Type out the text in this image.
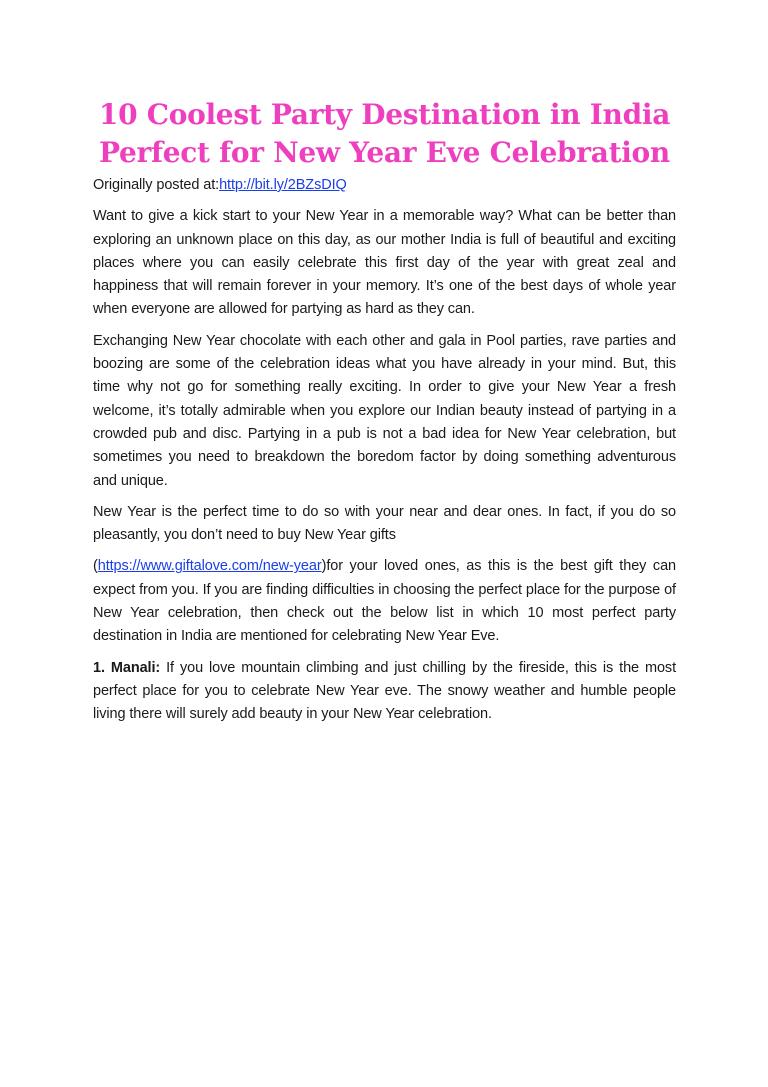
10 Coolest Party Destination in India Perfect for New Year Eve Celebration

Originally posted at:http://bit.ly/2BZsDIQ

Want to give a kick start to your New Year in a memorable way? What can be better than exploring an unknown place on this day, as our mother India is full of beautiful and exciting places where you can easily celebrate this first day of the year with great zeal and happiness that will remain forever in your memory. It’s one of the best days of whole year when everyone are allowed for partying as hard as they can.

Exchanging New Year chocolate with each other and gala in Pool parties, rave parties and boozing are some of the celebration ideas what you have already in your mind. But, this time why not go for something really exciting. In order to give your New Year a fresh welcome, it’s totally admirable when you explore our Indian beauty instead of partying in a crowded pub and disc. Partying in a pub is not a bad idea for New Year celebration, but sometimes you need to breakdown the boredom factor by doing something adventurous and unique.

New Year is the perfect time to do so with your near and dear ones. In fact, if you do so pleasantly, you don’t need to buy New Year gifts

(https://www.giftalove.com/new-year)for your loved ones, as this is the best gift they can expect from you. If you are finding difficulties in choosing the perfect place for the purpose of New Year celebration, then check out the below list in which 10 most perfect party destination in India are mentioned for celebrating New Year Eve.

1. Manali: If you love mountain climbing and just chilling by the fireside, this is the most perfect place for you to celebrate New Year eve. The snowy weather and humble people living there will surely add beauty in your New Year celebration.
